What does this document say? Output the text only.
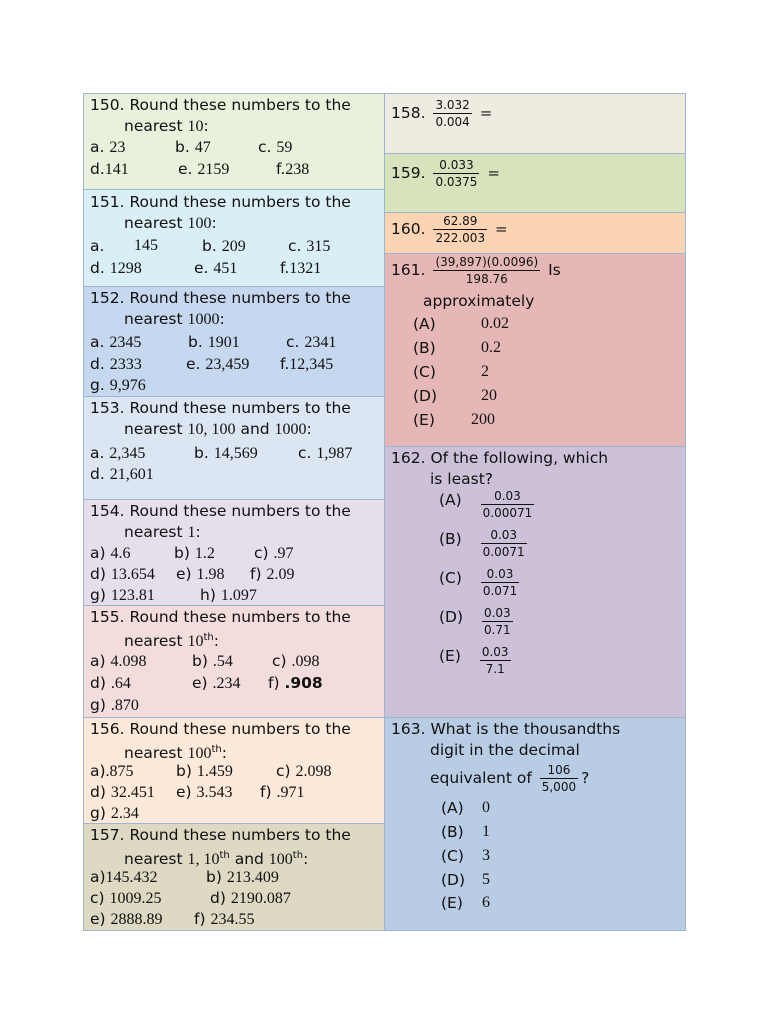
150. Round these numbers to the
nearest 10:
a. 23	b. 47	c. 59
d.141	e. 2159	f.238
151. Round these numbers to the
nearest 100:
a. 145	b. 209	c. 315
d. 1298	e. 451	f.1321
152. Round these numbers to the
nearest 1000:
a. 2345	b. 1901	c. 2341
d. 2333	e. 23,459 f.12,345
g. 9,976
153. Round these numbers to the
nearest 10, 100 and 1000:
a. 2,345	b. 14,569	c. 1,987
d. 21,601
154. Round these numbers to the
nearest 1:
a) 4.6	b) 1.2	c) .97
d) 13.654 e) 1.98 f) 2.09
g) 123.81	h) 1.097
155. Round these numbers to the
nearest 10th:
a) 4.098	b) .54	c) .098
d) .64	e) .234 f) .908
g) .870
156. Round these numbers to the
nearest 100th:
a).875	b) 1.459	c) 2.098
d) 32.451 e) 3.543 f) .971
g) 2.34
157. Round these numbers to the
nearest 1, 10th and 100th:
a)145.432	b) 213.409
c) 1009.25	d) 2190.087
e) 2888.89 f) 234.55
158. $\frac{3.032}{0.004}$ =
159. $\frac{0.033}{0.0375}$ =
160. $\frac{62.89}{222.003}$ =
161. $\frac{(39,897)(0.0096)}{198.76}$ Is
approximately
(A)	0.02
(B)	0.2
(C)	2
(D)	20
(E) 200
162. Of the following, which
is least?
$(A) \frac{0.03}{0.00071}$
$(B) \frac{0.03}{0.0071}$
$(C) \frac{0.03}{0.071}$
$(D) \frac{0.03}{0.71}$
$(E) \frac{0.03}{7.1}$
163. What is the thousandths
digit in the decimal
equivalent of $\frac{106}{5,000}$ ?
(A) 0
(B) 1
(C) 3
(D) 5
(E) 6
